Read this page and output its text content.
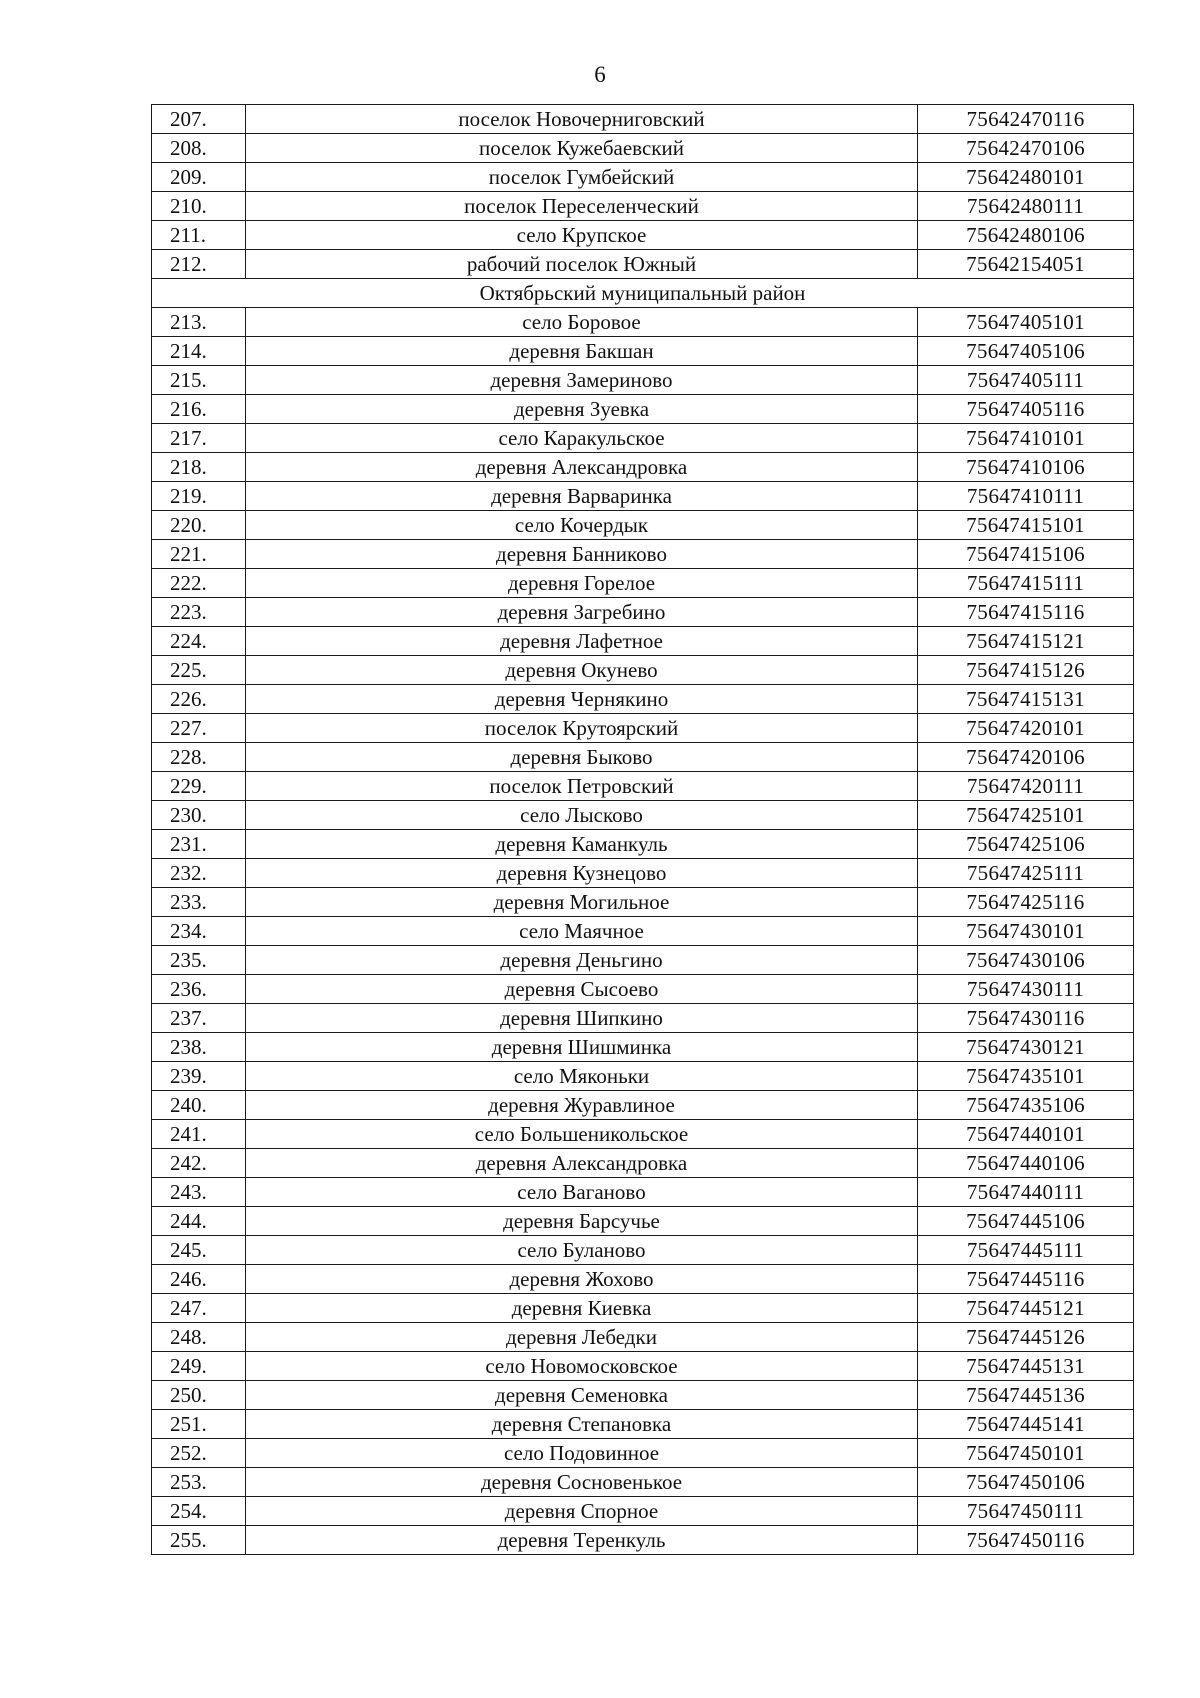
6
207.	поселок Новочерниговский	75642470116
208.	поселок Кужебаевский	75642470106
209.	поселок Гумбейский	75642480101
210.	поселок Переселенческий	75642480111
211.	село Крупское	75642480106
212.	рабочий поселок Южный	75642154051
Октябрьский муниципальный район		
213.	село Боровое	75647405101
214.	деревня Бакшан	75647405106
215.	деревня Замериново	75647405111
216.	деревня Зуевка	75647405116
217.	село Каракульское	75647410101
218.	деревня Александровка	75647410106
219.	деревня Варваринка	75647410111
220.	село Кочердык	75647415101
221.	деревня Банниково	75647415106
222.	деревня Горелое	75647415111
223.	деревня Загребино	75647415116
224.	деревня Лафетное	75647415121
225.	деревня Окунево	75647415126
226.	деревня Чернякино	75647415131
227.	поселок Крутоярский	75647420101
228.	деревня Быково	75647420106
229.	поселок Петровский	75647420111
230.	село Лысково	75647425101
231.	деревня Каманкуль	75647425106
232.	деревня Кузнецово	75647425111
233.	деревня Могильное	75647425116
234.	село Маячное	75647430101
235.	деревня Деньгино	75647430106
236.	деревня Сысоево	75647430111
237.	деревня Шипкино	75647430116
238.	деревня Шишминка	75647430121
239.	село Мяконьки	75647435101
240.	деревня Журавлиное	75647435106
241.	село Большеникольское	75647440101
242.	деревня Александровка	75647440106
243.	село Ваганово	75647440111
244.	деревня Барсучье	75647445106
245.	село Буланово	75647445111
246.	деревня Жохово	75647445116
247.	деревня Киевка	75647445121
248.	деревня Лебедки	75647445126
249.	село Новомосковское	75647445131
250.	деревня Семеновка	75647445136
251.	деревня Степановка	75647445141
252.	село Подовинное	75647450101
253.	деревня Сосновенькое	75647450106
254.	деревня Спорное	75647450111
255.	деревня Теренкуль	75647450116
